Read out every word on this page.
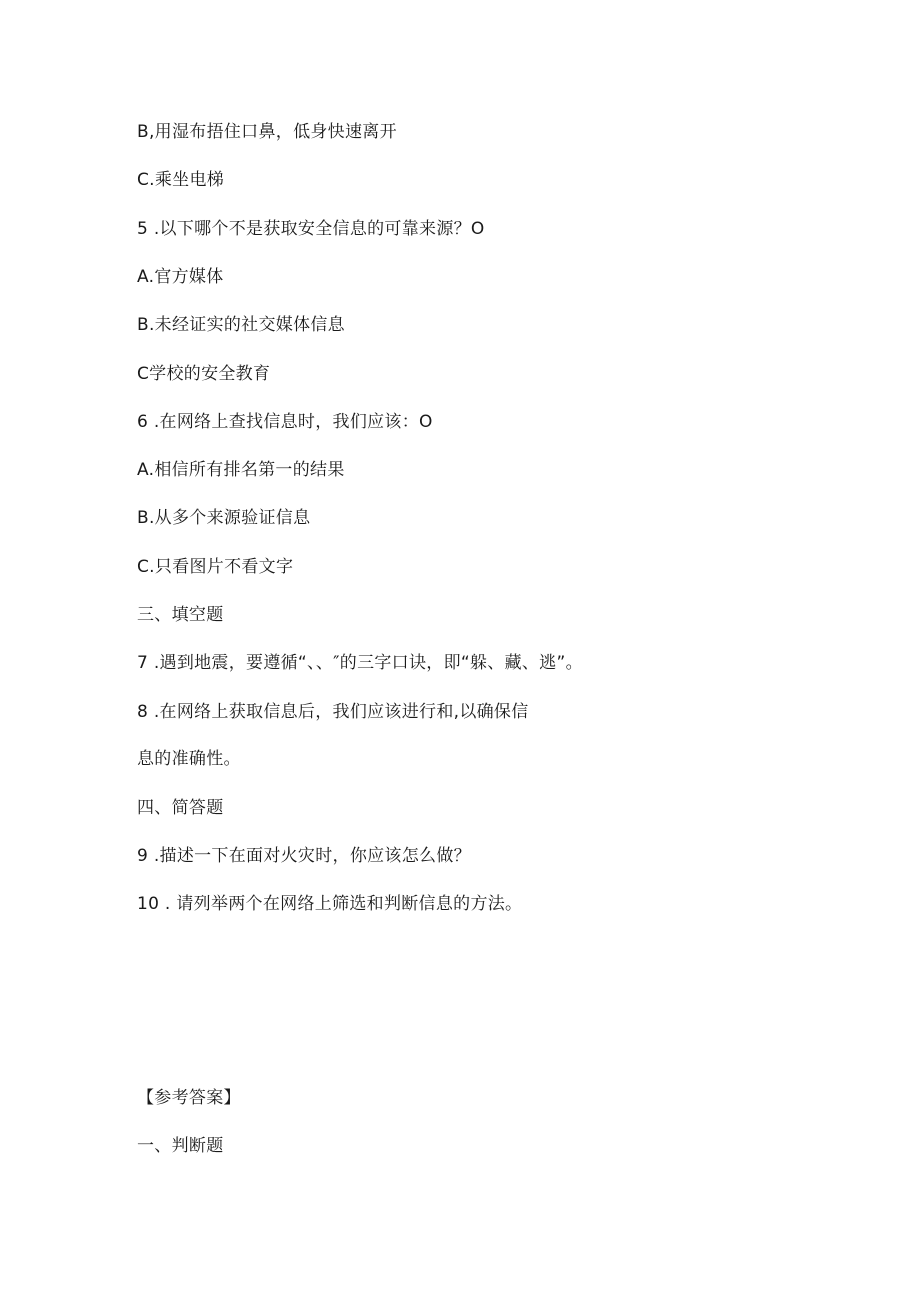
B,用湿布捂住口鼻，低身快速离开
C.乘坐电梯
5 .以下哪个不是获取安全信息的可靠来源？O
A.官方媒体
B.未经证实的社交媒体信息
C学校的安全教育
6 .在网络上查找信息时，我们应该：O
A.相信所有排名第一的结果
B.从多个来源验证信息
C.只看图片不看文字
三、填空题
7 .遇到地震，要遵循“、、″的三字口诀，即“躲、藏、逃”。
8 .在网络上获取信息后，我们应该进行和,以确保信
息的准确性。
四、简答题
9 .描述一下在面对火灾时，你应该怎么做？
10 . 请列举两个在网络上筛选和判断信息的方法。
【参考答案】
一、判断题
